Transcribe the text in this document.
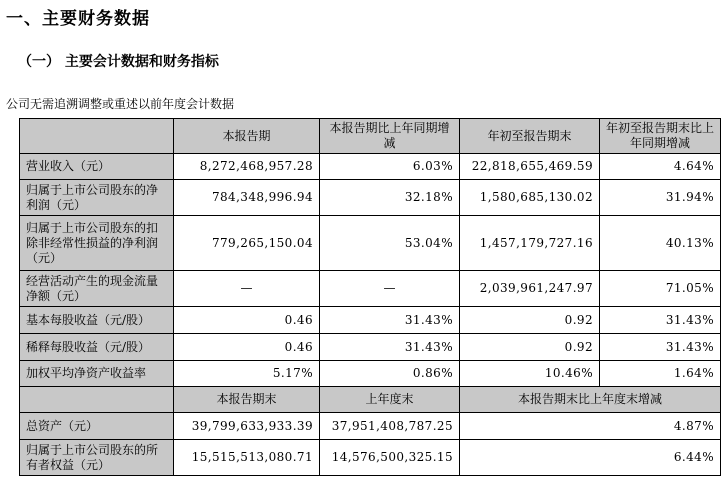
一、主要财务数据
（一） 主要会计数据和财务指标
公司无需追溯调整或重述以前年度会计数据
	本报告期	本报告期比上年同期增减	年初至报告期末	年初至报告期末比上年同期增减
营业收入（元）	8,272,468,957.28	6.03%	22,818,655,469.59	4.64%
归属于上市公司股东的净利润（元）	784,348,996.94	32.18%	1,580,685,130.02	31.94%
归属于上市公司股东的扣除非经常性损益的净利润（元）	779,265,150.04	53.04%	1,457,179,727.16	40.13%
经营活动产生的现金流量净额（元）	—	—	2,039,961,247.97	71.05%
基本每股收益（元/股）	0.46	31.43%	0.92	31.43%
稀释每股收益（元/股）	0.46	31.43%	0.92	31.43%
加权平均净资产收益率	5.17%	0.86%	10.46%	1.64%
	本报告期末	上年度末	本报告期末比上年度末增减	
总资产（元）	39,799,633,933.39	37,951,408,787.25	4.87%	
归属于上市公司股东的所有者权益（元）	15,515,513,080.71	14,576,500,325.15	6.44%	
